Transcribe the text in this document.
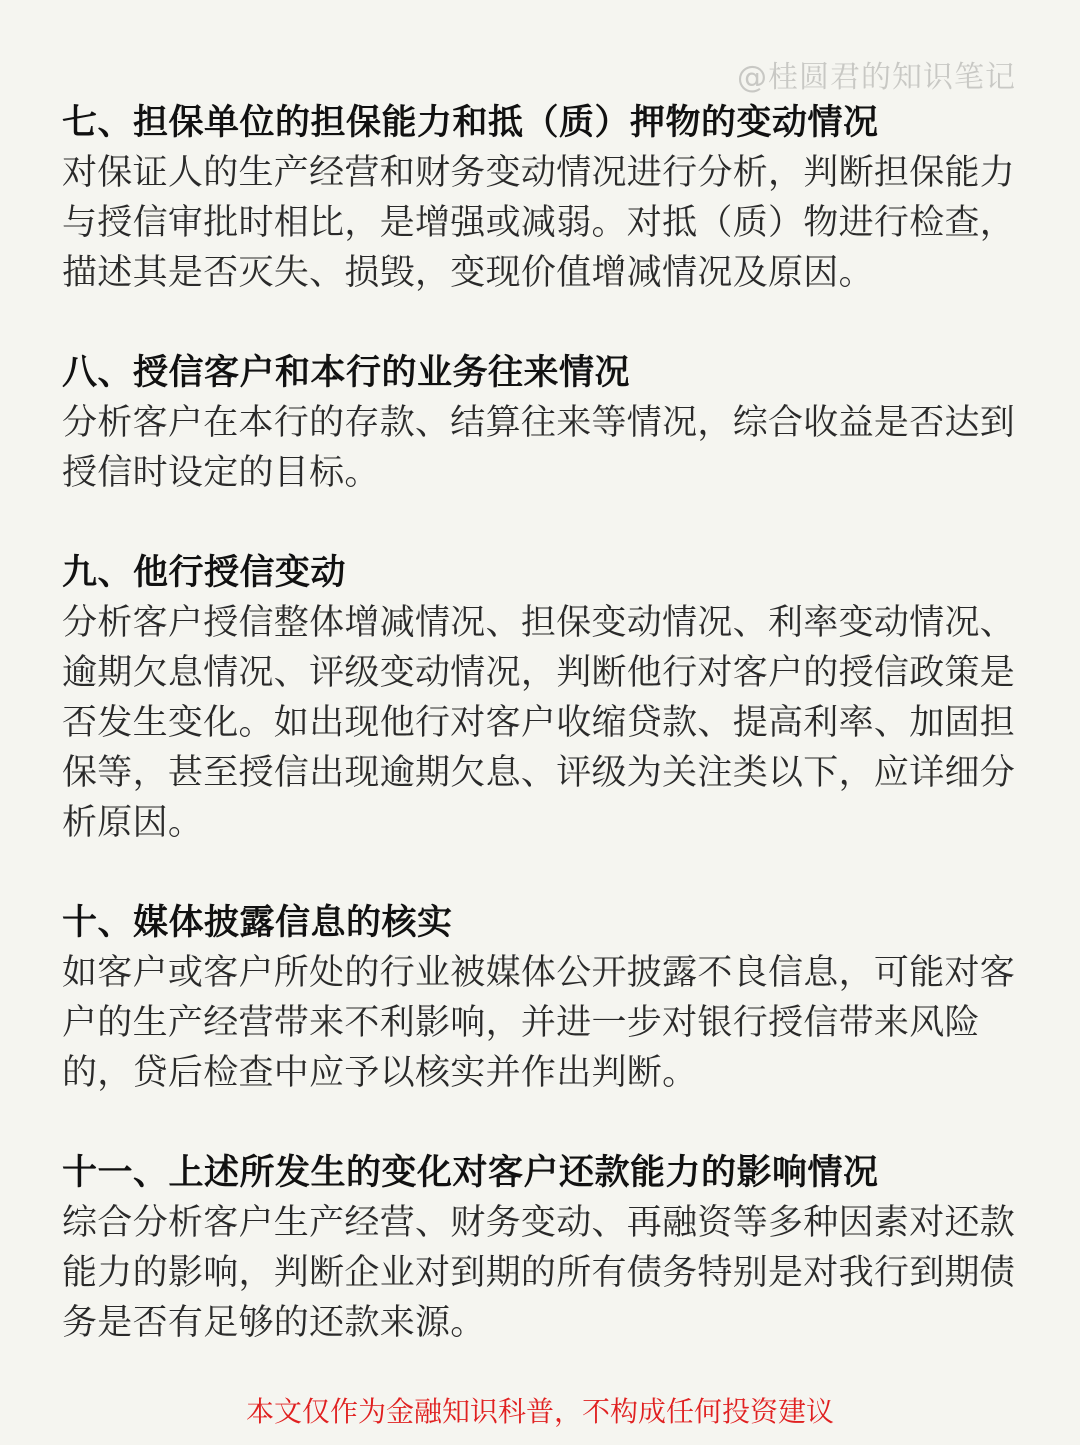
@桂圆君的知识笔记
七、担保单位的担保能力和抵（质）押物的变动情况
对保证人的生产经营和财务变动情况进行分析，判断担保能力与授信审批时相比，是增强或减弱。对抵（质）物进行检查，描述其是否灭失、损毁，变现价值增减情况及原因。
八、授信客户和本行的业务往来情况
分析客户在本行的存款、结算往来等情况，综合收益是否达到授信时设定的目标。
九、他行授信变动
分析客户授信整体增减情况、担保变动情况、利率变动情况、逾期欠息情况、评级变动情况，判断他行对客户的授信政策是否发生变化。如出现他行对客户收缩贷款、提高利率、加固担保等，甚至授信出现逾期欠息、评级为关注类以下，应详细分析原因。
十、媒体披露信息的核实
如客户或客户所处的行业被媒体公开披露不良信息，可能对客户的生产经营带来不利影响，并进一步对银行授信带来风险的，贷后检查中应予以核实并作出判断。
十一、上述所发生的变化对客户还款能力的影响情况
综合分析客户生产经营、财务变动、再融资等多种因素对还款能力的影响，判断企业对到期的所有债务特别是对我行到期债务是否有足够的还款来源。
本文仅作为金融知识科普，不构成任何投资建议
